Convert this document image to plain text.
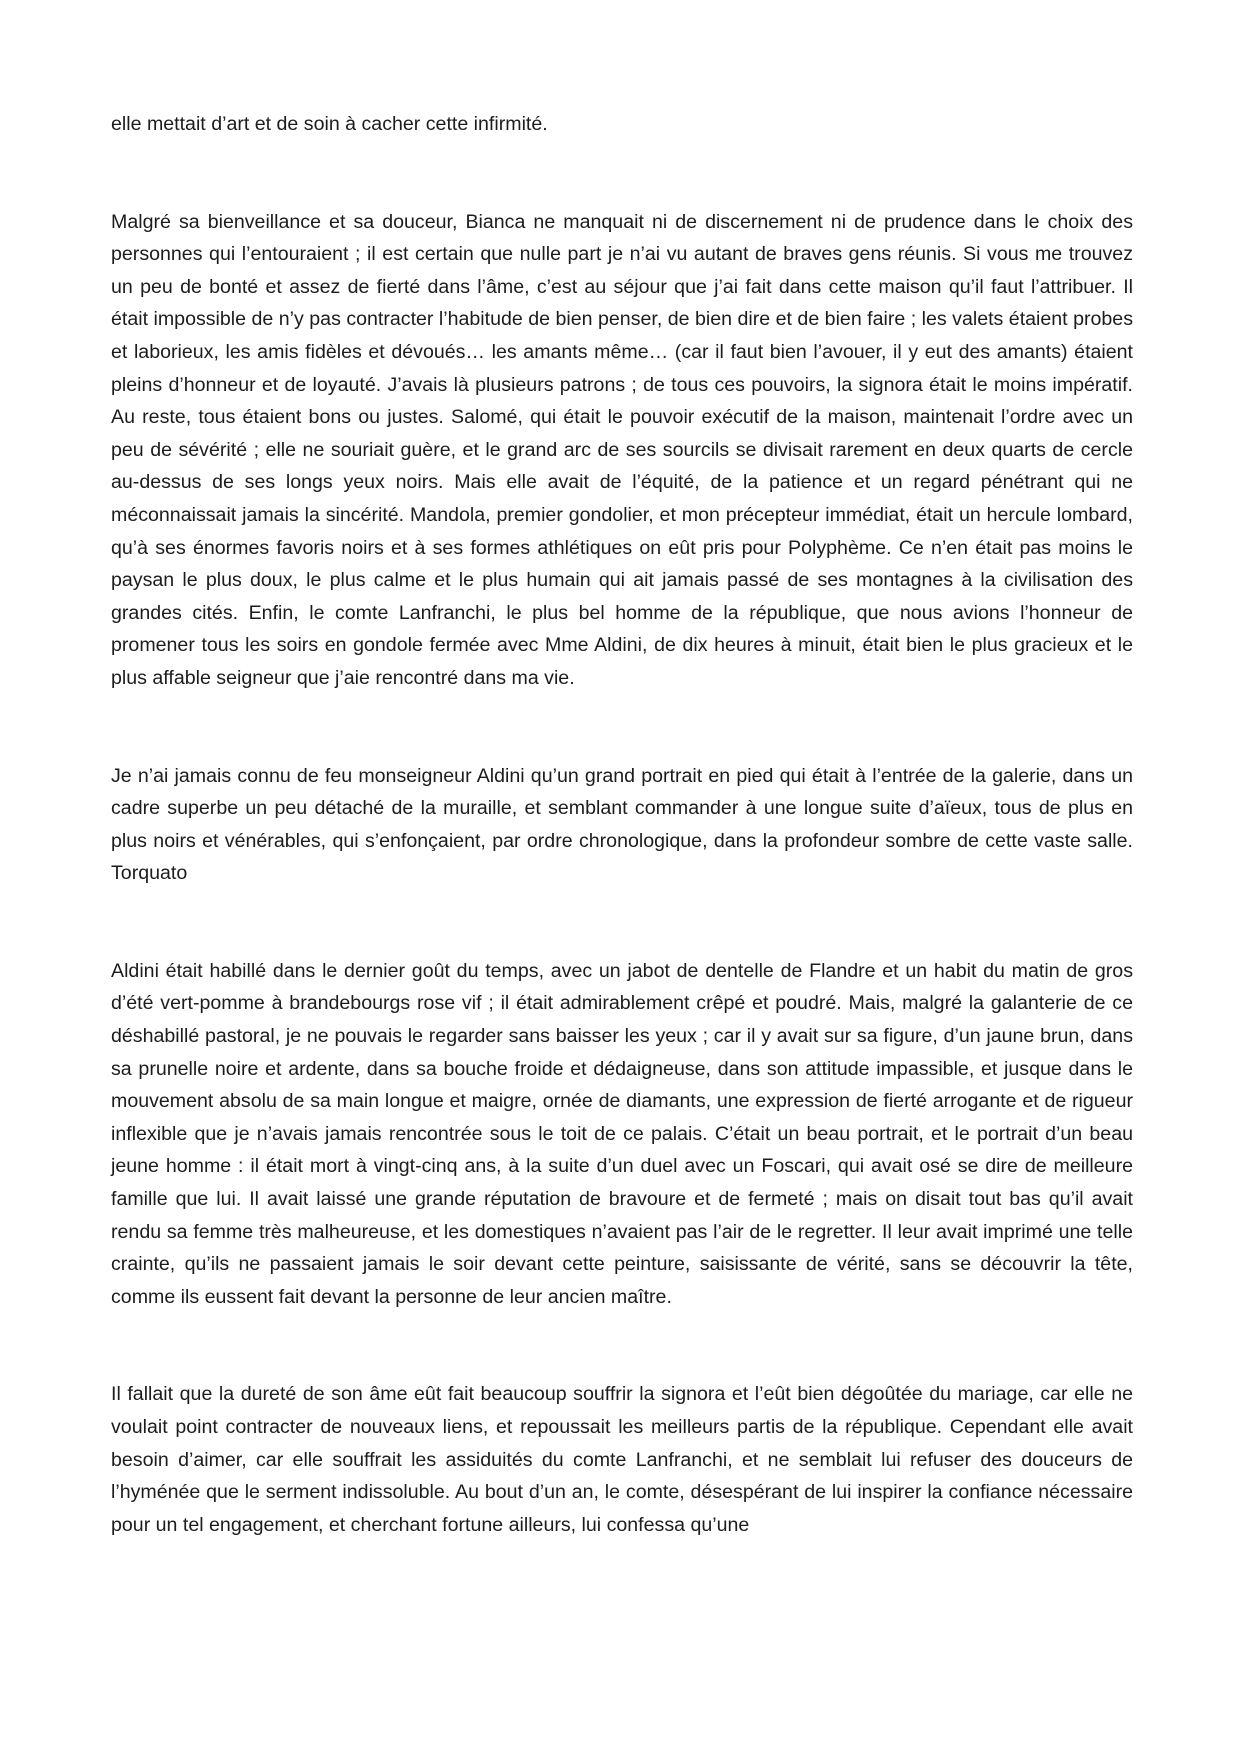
elle mettait d’art et de soin à cacher cette infirmité.

Malgré sa bienveillance et sa douceur, Bianca ne manquait ni de discernement ni de prudence dans le choix des personnes qui l’entouraient ; il est certain que nulle part je n’ai vu autant de braves gens réunis. Si vous me trouvez un peu de bonté et assez de fierté dans l’âme, c’est au séjour que j’ai fait dans cette maison qu’il faut l’attribuer. Il était impossible de n’y pas contracter l’habitude de bien penser, de bien dire et de bien faire ; les valets étaient probes et laborieux, les amis fidèles et dévoués… les amants même… (car il faut bien l’avouer, il y eut des amants) étaient pleins d’honneur et de loyauté. J’avais là plusieurs patrons ; de tous ces pouvoirs, la signora était le moins impératif. Au reste, tous étaient bons ou justes. Salomé, qui était le pouvoir exécutif de la maison, maintenait l’ordre avec un peu de sévérité ; elle ne souriait guère, et le grand arc de ses sourcils se divisait rarement en deux quarts de cercle au-dessus de ses longs yeux noirs. Mais elle avait de l’équité, de la patience et un regard pénétrant qui ne méconnaissait jamais la sincérité. Mandola, premier gondolier, et mon précepteur immédiat, était un hercule lombard, qu’à ses énormes favoris noirs et à ses formes athlétiques on eût pris pour Polyphème. Ce n’en était pas moins le paysan le plus doux, le plus calme et le plus humain qui ait jamais passé de ses montagnes à la civilisation des grandes cités. Enfin, le comte Lanfranchi, le plus bel homme de la république, que nous avions l’honneur de promener tous les soirs en gondole fermée avec Mme Aldini, de dix heures à minuit, était bien le plus gracieux et le plus affable seigneur que j’aie rencontré dans ma vie.

Je n’ai jamais connu de feu monseigneur Aldini qu’un grand portrait en pied qui était à l’entrée de la galerie, dans un cadre superbe un peu détaché de la muraille, et semblant commander à une longue suite d’aïeux, tous de plus en plus noirs et vénérables, qui s’enfonçaient, par ordre chronologique, dans la profondeur sombre de cette vaste salle. Torquato

Aldini était habillé dans le dernier goût du temps, avec un jabot de dentelle de Flandre et un habit du matin de gros d’été vert-pomme à brandebourgs rose vif ; il était admirablement crêpé et poudré. Mais, malgré la galanterie de ce déshabillé pastoral, je ne pouvais le regarder sans baisser les yeux ; car il y avait sur sa figure, d’un jaune brun, dans sa prunelle noire et ardente, dans sa bouche froide et dédaigneuse, dans son attitude impassible, et jusque dans le mouvement absolu de sa main longue et maigre, ornée de diamants, une expression de fierté arrogante et de rigueur inflexible que je n’avais jamais rencontrée sous le toit de ce palais. C’était un beau portrait, et le portrait d’un beau jeune homme : il était mort à vingt-cinq ans, à la suite d’un duel avec un Foscari, qui avait osé se dire de meilleure famille que lui. Il avait laissé une grande réputation de bravoure et de fermeté ; mais on disait tout bas qu’il avait rendu sa femme très malheureuse, et les domestiques n’avaient pas l’air de le regretter. Il leur avait imprimé une telle crainte, qu’ils ne passaient jamais le soir devant cette peinture, saisissante de vérité, sans se découvrir la tête, comme ils eussent fait devant la personne de leur ancien maître.

Il fallait que la dureté de son âme eût fait beaucoup souffrir la signora et l’eût bien dégoûtée du mariage, car elle ne voulait point contracter de nouveaux liens, et repoussait les meilleurs partis de la république. Cependant elle avait besoin d’aimer, car elle souffrait les assiduités du comte Lanfranchi, et ne semblait lui refuser des douceurs de l’hyménée que le serment indissoluble. Au bout d’un an, le comte, désespérant de lui inspirer la confiance nécessaire pour un tel engagement, et cherchant fortune ailleurs, lui confessa qu’une
